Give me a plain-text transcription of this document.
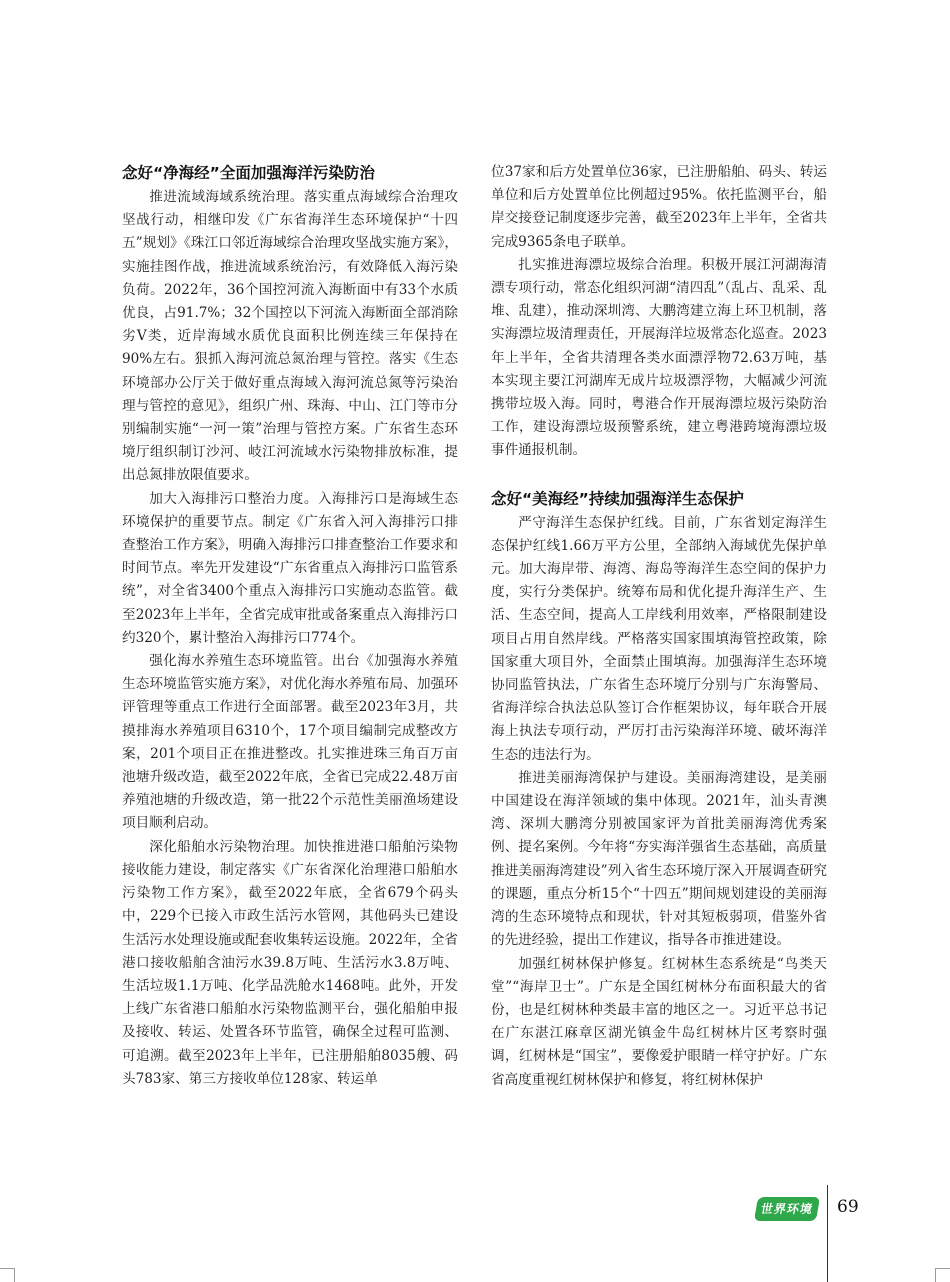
念好“净海经”全面加强海洋污染防治

推进流域海域系统治理。落实重点海域综合治理攻坚战行动，相继印发《广东省海洋生态环境保护“十四五”规划》《珠江口邻近海域综合治理攻坚战实施方案》，实施挂图作战，推进流域系统治污，有效降低入海污染负荷。2022年，36个国控河流入海断面中有33个水质优良，占91.7%；32个国控以下河流入海断面全部消除劣Ⅴ类，近岸海域水质优良面积比例连续三年保持在90%左右。狠抓入海河流总氮治理与管控。落实《生态环境部办公厅关于做好重点海域入海河流总氮等污染治理与管控的意见》，组织广州、珠海、中山、江门等市分别编制实施“一河一策”治理与管控方案。广东省生态环境厅组织制订沙河、岐江河流域水污染物排放标准，提出总氮排放限值要求。

加大入海排污口整治力度。入海排污口是海域生态环境保护的重要节点。制定《广东省入河入海排污口排查整治工作方案》，明确入海排污口排查整治工作要求和时间节点。率先开发建设“广东省重点入海排污口监管系统”，对全省3400个重点入海排污口实施动态监管。截至2023年上半年，全省完成审批或备案重点入海排污口约320个，累计整治入海排污口774个。

强化海水养殖生态环境监管。出台《加强海水养殖生态环境监管实施方案》，对优化海水养殖布局、加强环评管理等重点工作进行全面部署。截至2023年3月，共摸排海水养殖项目6310个，17个项目编制完成整改方案，201个项目正在推进整改。扎实推进珠三角百万亩池塘升级改造，截至2022年底，全省已完成22.48万亩养殖池塘的升级改造，第一批22个示范性美丽渔场建设项目顺利启动。

深化船舶水污染物治理。加快推进港口船舶污染物接收能力建设，制定落实《广东省深化治理港口船舶水污染物工作方案》，截至2022年底，全省679个码头中，229个已接入市政生活污水管网，其他码头已建设生活污水处理设施或配套收集转运设施。2022年，全省港口接收船舶含油污水39.8万吨、生活污水3.8万吨、生活垃圾1.1万吨、化学品洗舱水1468吨。此外，开发上线广东省港口船舶水污染物监测平台，强化船舶申报及接收、转运、处置各环节监管，确保全过程可监测、可追溯。截至2023年上半年，已注册船舶8035艘、码头783家、第三方接收单位128家、转运单

位37家和后方处置单位36家，已注册船舶、码头、转运单位和后方处置单位比例超过95%。依托监测平台，船岸交接登记制度逐步完善，截至2023年上半年，全省共完成9365条电子联单。

扎实推进海漂垃圾综合治理。积极开展江河湖海清漂专项行动，常态化组织河湖“清四乱”（乱占、乱采、乱堆、乱建），推动深圳湾、大鹏湾建立海上环卫机制，落实海漂垃圾清理责任，开展海洋垃圾常态化巡查。2023年上半年，全省共清理各类水面漂浮物72.63万吨，基本实现主要江河湖库无成片垃圾漂浮物，大幅减少河流携带垃圾入海。同时，粤港合作开展海漂垃圾污染防治工作，建设海漂垃圾预警系统，建立粤港跨境海漂垃圾事件通报机制。

念好“美海经”持续加强海洋生态保护

严守海洋生态保护红线。目前，广东省划定海洋生态保护红线1.66万平方公里，全部纳入海域优先保护单元。加大海岸带、海湾、海岛等海洋生态空间的保护力度，实行分类保护。统筹布局和优化提升海洋生产、生活、生态空间，提高人工岸线利用效率，严格限制建设项目占用自然岸线。严格落实国家围填海管控政策，除国家重大项目外，全面禁止围填海。加强海洋生态环境协同监管执法，广东省生态环境厅分别与广东海警局、省海洋综合执法总队签订合作框架协议，每年联合开展海上执法专项行动，严厉打击污染海洋环境、破坏海洋生态的违法行为。

推进美丽海湾保护与建设。美丽海湾建设，是美丽中国建设在海洋领域的集中体现。2021年，汕头青澳湾、深圳大鹏湾分别被国家评为首批美丽海湾优秀案例、提名案例。今年将“夯实海洋强省生态基础，高质量推进美丽海湾建设”列入省生态环境厅深入开展调查研究的课题，重点分析15个“十四五”期间规划建设的美丽海湾的生态环境特点和现状，针对其短板弱项，借鉴外省的先进经验，提出工作建议，指导各市推进建设。

加强红树林保护修复。红树林生态系统是“鸟类天堂”“海岸卫士”。广东是全国红树林分布面积最大的省份，也是红树林种类最丰富的地区之一。习近平总书记在广东湛江麻章区湖光镇金牛岛红树林片区考察时强调，红树林是“国宝”，要像爱护眼睛一样守护好。广东省高度重视红树林保护和修复，将红树林保护

世界环境	69
